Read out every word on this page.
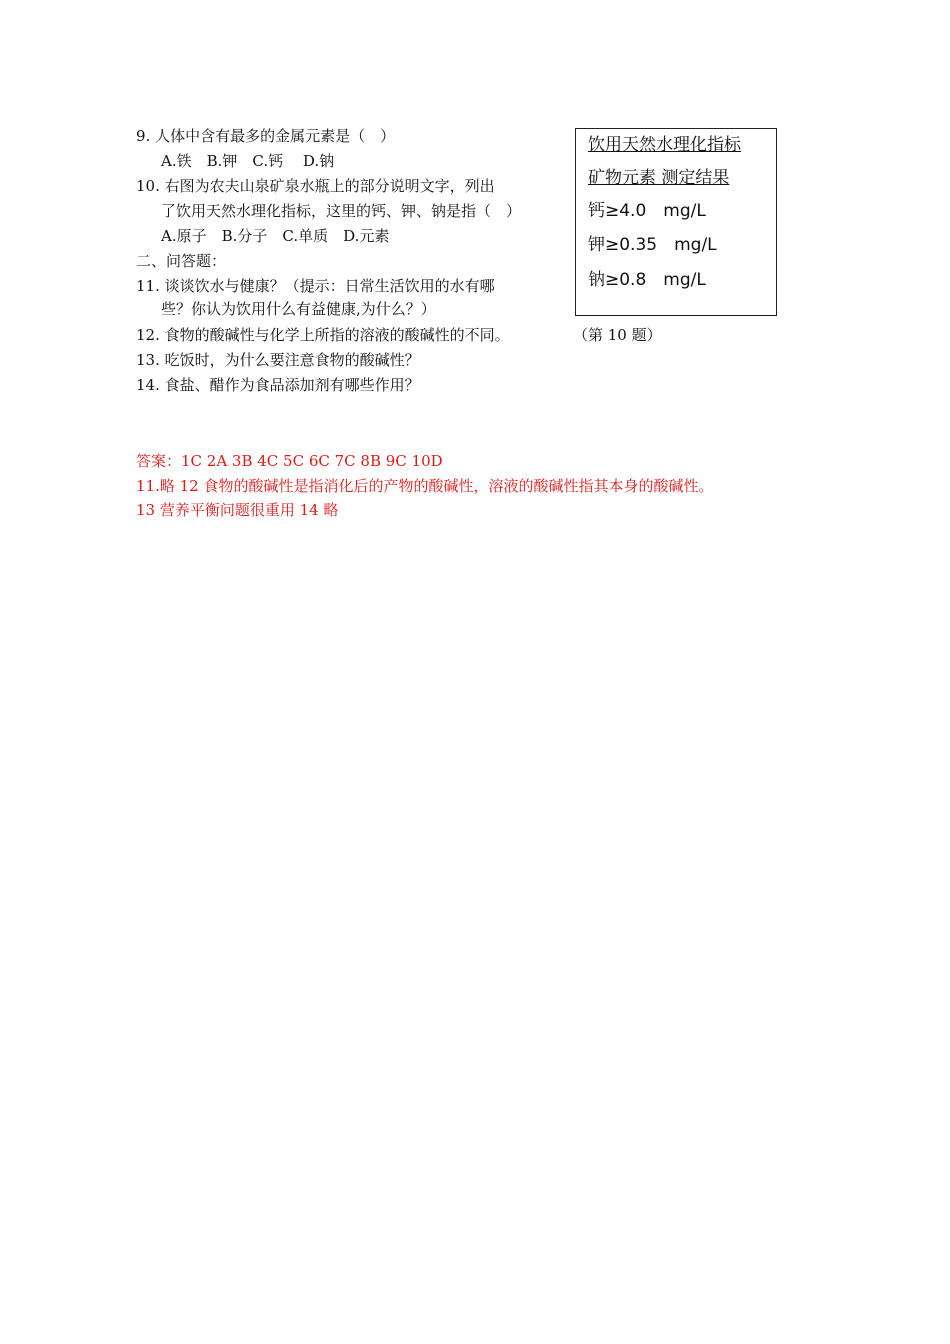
9. 人体中含有最多的金属元素是（　）
A.铁　B.钾　C.钙　 D.钠
10. 右图为农夫山泉矿泉水瓶上的部分说明文字，列出
了饮用天然水理化指标，这里的钙、钾、钠是指（　）
A.原子　B.分子　C.单质　D.元素
二、问答题：
11. 谈谈饮水与健康？（提示：日常生活饮用的水有哪
些？你认为饮用什么有益健康,为什么？）
12. 食物的酸碱性与化学上所指的溶液的酸碱性的不同。
13. 吃饭时，为什么要注意食物的酸碱性？
14. 食盐、醋作为食品添加剂有哪些作用？
饮用天然水理化指标
矿物元素 测定结果
钙≥4.0　mg/L
钾≥0.35　mg/L
钠≥0.8　mg/L
（第 10 题）
答案：1C 2A 3B 4C 5C 6C 7C 8B 9C 10D
11.略 12 食物的酸碱性是指消化后的产物的酸碱性，溶液的酸碱性指其本身的酸碱性。
13 营养平衡问题很重用 14 略
